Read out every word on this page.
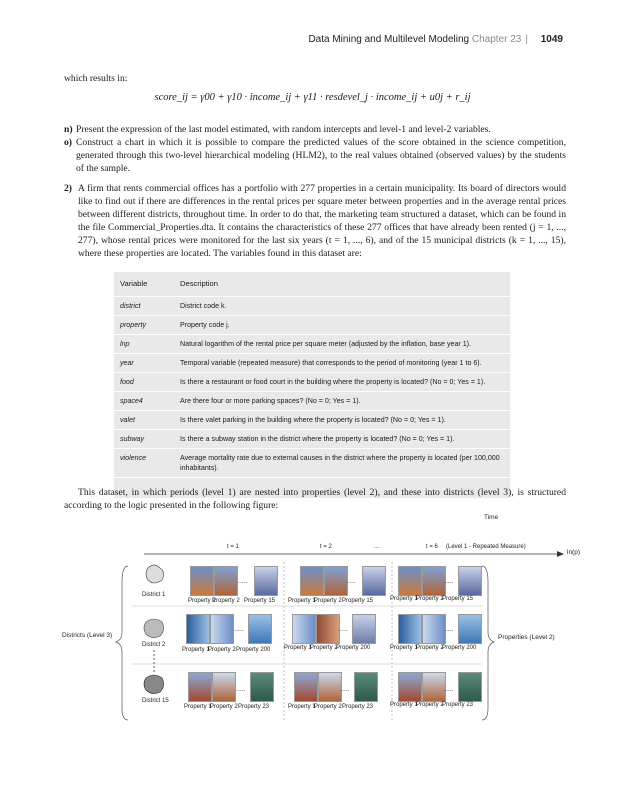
Data Mining and Multilevel Modeling Chapter 23 | 1049
which results in:
score_ij = γ00 + γ10 · income_ij + γ11 · resdevel_j · income_ij + u0j + r_ij
n) Present the expression of the last model estimated, with random intercepts and level-1 and level-2 variables.
o) Construct a chart in which it is possible to compare the predicted values of the score obtained in the science competition, generated through this two-level hierarchical modeling (HLM2), to the real values obtained (observed values) by the students of the sample.
2) A firm that rents commercial offices has a portfolio with 277 properties in a certain municipality. Its board of directors would like to find out if there are differences in the rental prices per square meter between properties and in the average rental prices between different districts, throughout time. In order to do that, the marketing team structured a dataset, which can be found in the file Commercial_Properties.dta. It contains the characteristics of these 277 offices that have already been rented (j = 1, ..., 277), whose rental prices were monitored for the last six years (t = 1, ..., 6), and of the 15 municipal districts (k = 1, ..., 15), where these properties are located. The variables found in this dataset are:
Variable	Description
district	District code k.
property	Property code j.
lnp	Natural logarithm of the rental price per square meter (adjusted by the inflation, base year 1).
year	Temporal variable (repeated measure) that corresponds to the period of monitoring (year 1 to 6).
food	Is there a restaurant or food court in the building where the property is located? (No = 0; Yes = 1).
space4	Are there four or more parking spaces? (No = 0; Yes = 1).
valet	Is there valet parking in the building where the property is located? (No = 0; Yes = 1).
subway	Is there a subway station in the district where the property is located? (No = 0; Yes = 1).
violence	Average mortality rate due to external causes in the district where the property is located (per 100,000 inhabitants).

This dataset, in which periods (level 1) are nested into properties (level 2), and these into districts (level 3), is structured according to the logic presented in the following figure:
Time
t = 1	t = 2	...	t = 6 (Level 1 - Repeated Measure)
ln(p)
Districts (Level 3)	Properties (Level 2)
District 1
District 2
District 15
.....	.....	.....
Property 1
Property 2 Property 15 Property 1
Property 2 Property 15	Property 1
Property 2
Property 15
.....	.....	.....
Property 1
Property 2 Property 200 Property 1
Property 2
Property 200	Property 1
Property 2
Property 200
.....	.....	.....
Property 1
Property 2 Property 23	Property 1
Property 2 Property 23	Property 1
Property 2
Property 23
